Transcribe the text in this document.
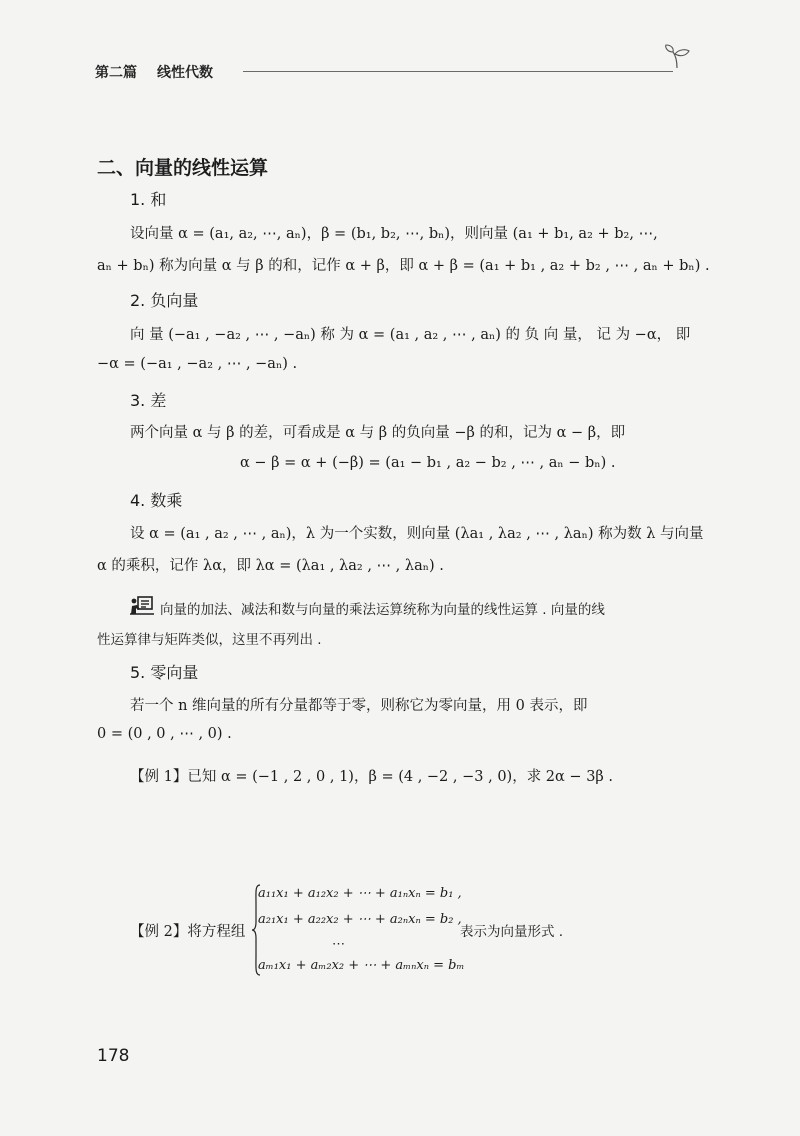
第二篇 线性代数
二、向量的线性运算
1. 和
设向量 α = (a₁, a₂, ⋯, aₙ)，β = (b₁, b₂, ⋯, bₙ)，则向量 (a₁ + b₁, a₂ + b₂, ⋯,
aₙ + bₙ) 称为向量 α 与 β 的和，记作 α + β，即 α + β = (a₁ + b₁ , a₂ + b₂ , ⋯ , aₙ + bₙ) .
2. 负向量
向 量 (−a₁ , −a₂ , ⋯ , −aₙ) 称 为 α = (a₁ , a₂ , ⋯ , aₙ) 的 负 向 量， 记 为 −α， 即
−α = (−a₁ , −a₂ , ⋯ , −aₙ) .
3. 差
两个向量 α 与 β 的差，可看成是 α 与 β 的负向量 −β 的和，记为 α − β，即
α − β = α + (−β) = (a₁ − b₁ , a₂ − b₂ , ⋯ , aₙ − bₙ) .
4. 数乘
设 α = (a₁ , a₂ , ⋯ , aₙ)，λ 为一个实数，则向量 (λa₁ , λa₂ , ⋯ , λaₙ) 称为数 λ 与向量
α 的乘积，记作 λα，即 λα = (λa₁ , λa₂ , ⋯ , λaₙ) .
向量的加法、减法和数与向量的乘法运算统称为向量的线性运算 . 向量的线
性运算律与矩阵类似，这里不再列出 .
5. 零向量
若一个 n 维向量的所有分量都等于零，则称它为零向量，用 0 表示，即
0 = (0 , 0 , ⋯ , 0) .
【例 1】已知 α = (−1 , 2 , 0 , 1)，β = (4 , −2 , −3 , 0)，求 2α − 3β .
【例 2】将方程组
a₁₁x₁ + a₁₂x₂ + ⋯ + a₁ₙxₙ = b₁ ,
a₂₁x₁ + a₂₂x₂ + ⋯ + a₂ₙxₙ = b₂ ,
⋯
aₘ₁x₁ + aₘ₂x₂ + ⋯ + aₘₙxₙ = bₘ
表示为向量形式 .
178
